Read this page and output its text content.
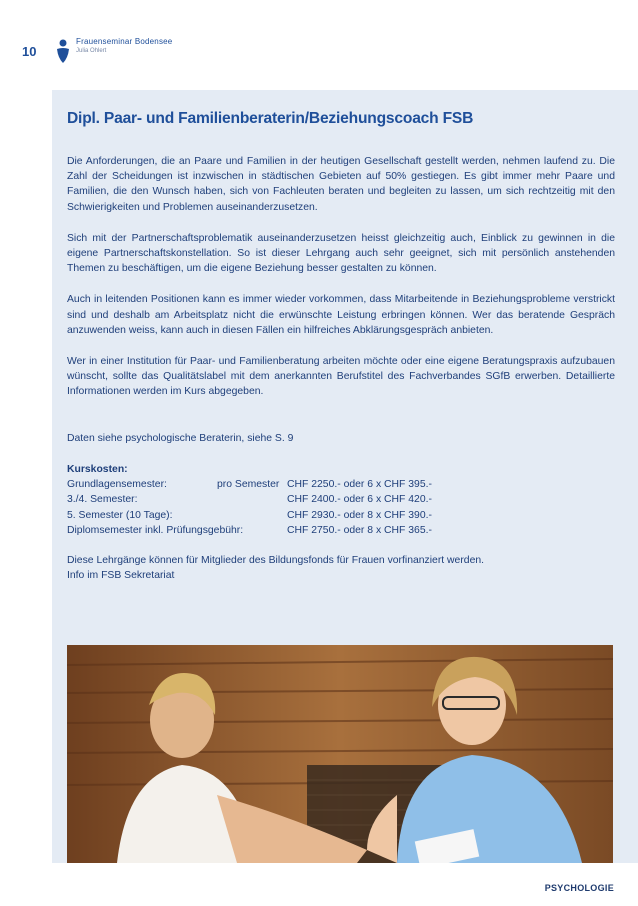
10
Frauenseminar Bodensee
Julia Ohlert
Dipl. Paar- und Familienberaterin/Beziehungscoach FSB

Die Anforderungen, die an Paare und Familien in der heutigen Gesellschaft gestellt werden, nehmen laufend zu. Die Zahl der Scheidungen ist inzwischen in städtischen Gebieten auf 50% gestiegen. Es gibt immer mehr Paare und Familien, die den Wunsch haben, sich von Fachleuten beraten und begleiten zu lassen, um sich rechtzeitig mit den Schwierigkeiten und Problemen auseinanderzusetzen.

Sich mit der Partnerschaftsproblematik auseinanderzusetzen heisst gleichzeitig auch, Einblick zu gewinnen in die eigene Partnerschaftskonstellation. So ist dieser Lehrgang auch sehr geeignet, sich mit persönlich anstehenden Themen zu beschäftigen, um die eigene Beziehung besser gestalten zu können.

Auch in leitenden Positionen kann es immer wieder vorkommen, dass Mitarbeitende in Beziehungsprobleme verstrickt sind und deshalb am Arbeitsplatz nicht die erwünschte Leistung erbringen können. Wer das beratende Gespräch anzuwenden weiss, kann auch in diesen Fällen ein hilfreiches Abklärungsgespräch anbieten.

Wer in einer Institution für Paar- und Familienberatung arbeiten möchte oder eine eigene Beratungspraxis aufzubauen wünscht, sollte das Qualitätslabel mit dem anerkannten Berufstitel des Fachverbandes SGfB erwerben. Detaillierte Informationen werden im Kurs abgegeben.

Daten siehe psychologische Beraterin, siehe S. 9
Kurskosten:
Grundlagensemester:	pro Semester CHF 2250.- oder 6 x CHF 395.-
3./4. Semester:	CHF 2400.- oder 6 x CHF 420.-
5. Semester (10 Tage):	CHF 2930.- oder 8 x CHF 390.-
Diplomsemester inkl. Prüfungsgebühr:	CHF 2750.- oder 8 x CHF 365.-
Diese Lehrgänge können für Mitglieder des Bildungsfonds für Frauen vorfinanziert werden.
Info im FSB Sekretariat
PSYCHOLOGIE
